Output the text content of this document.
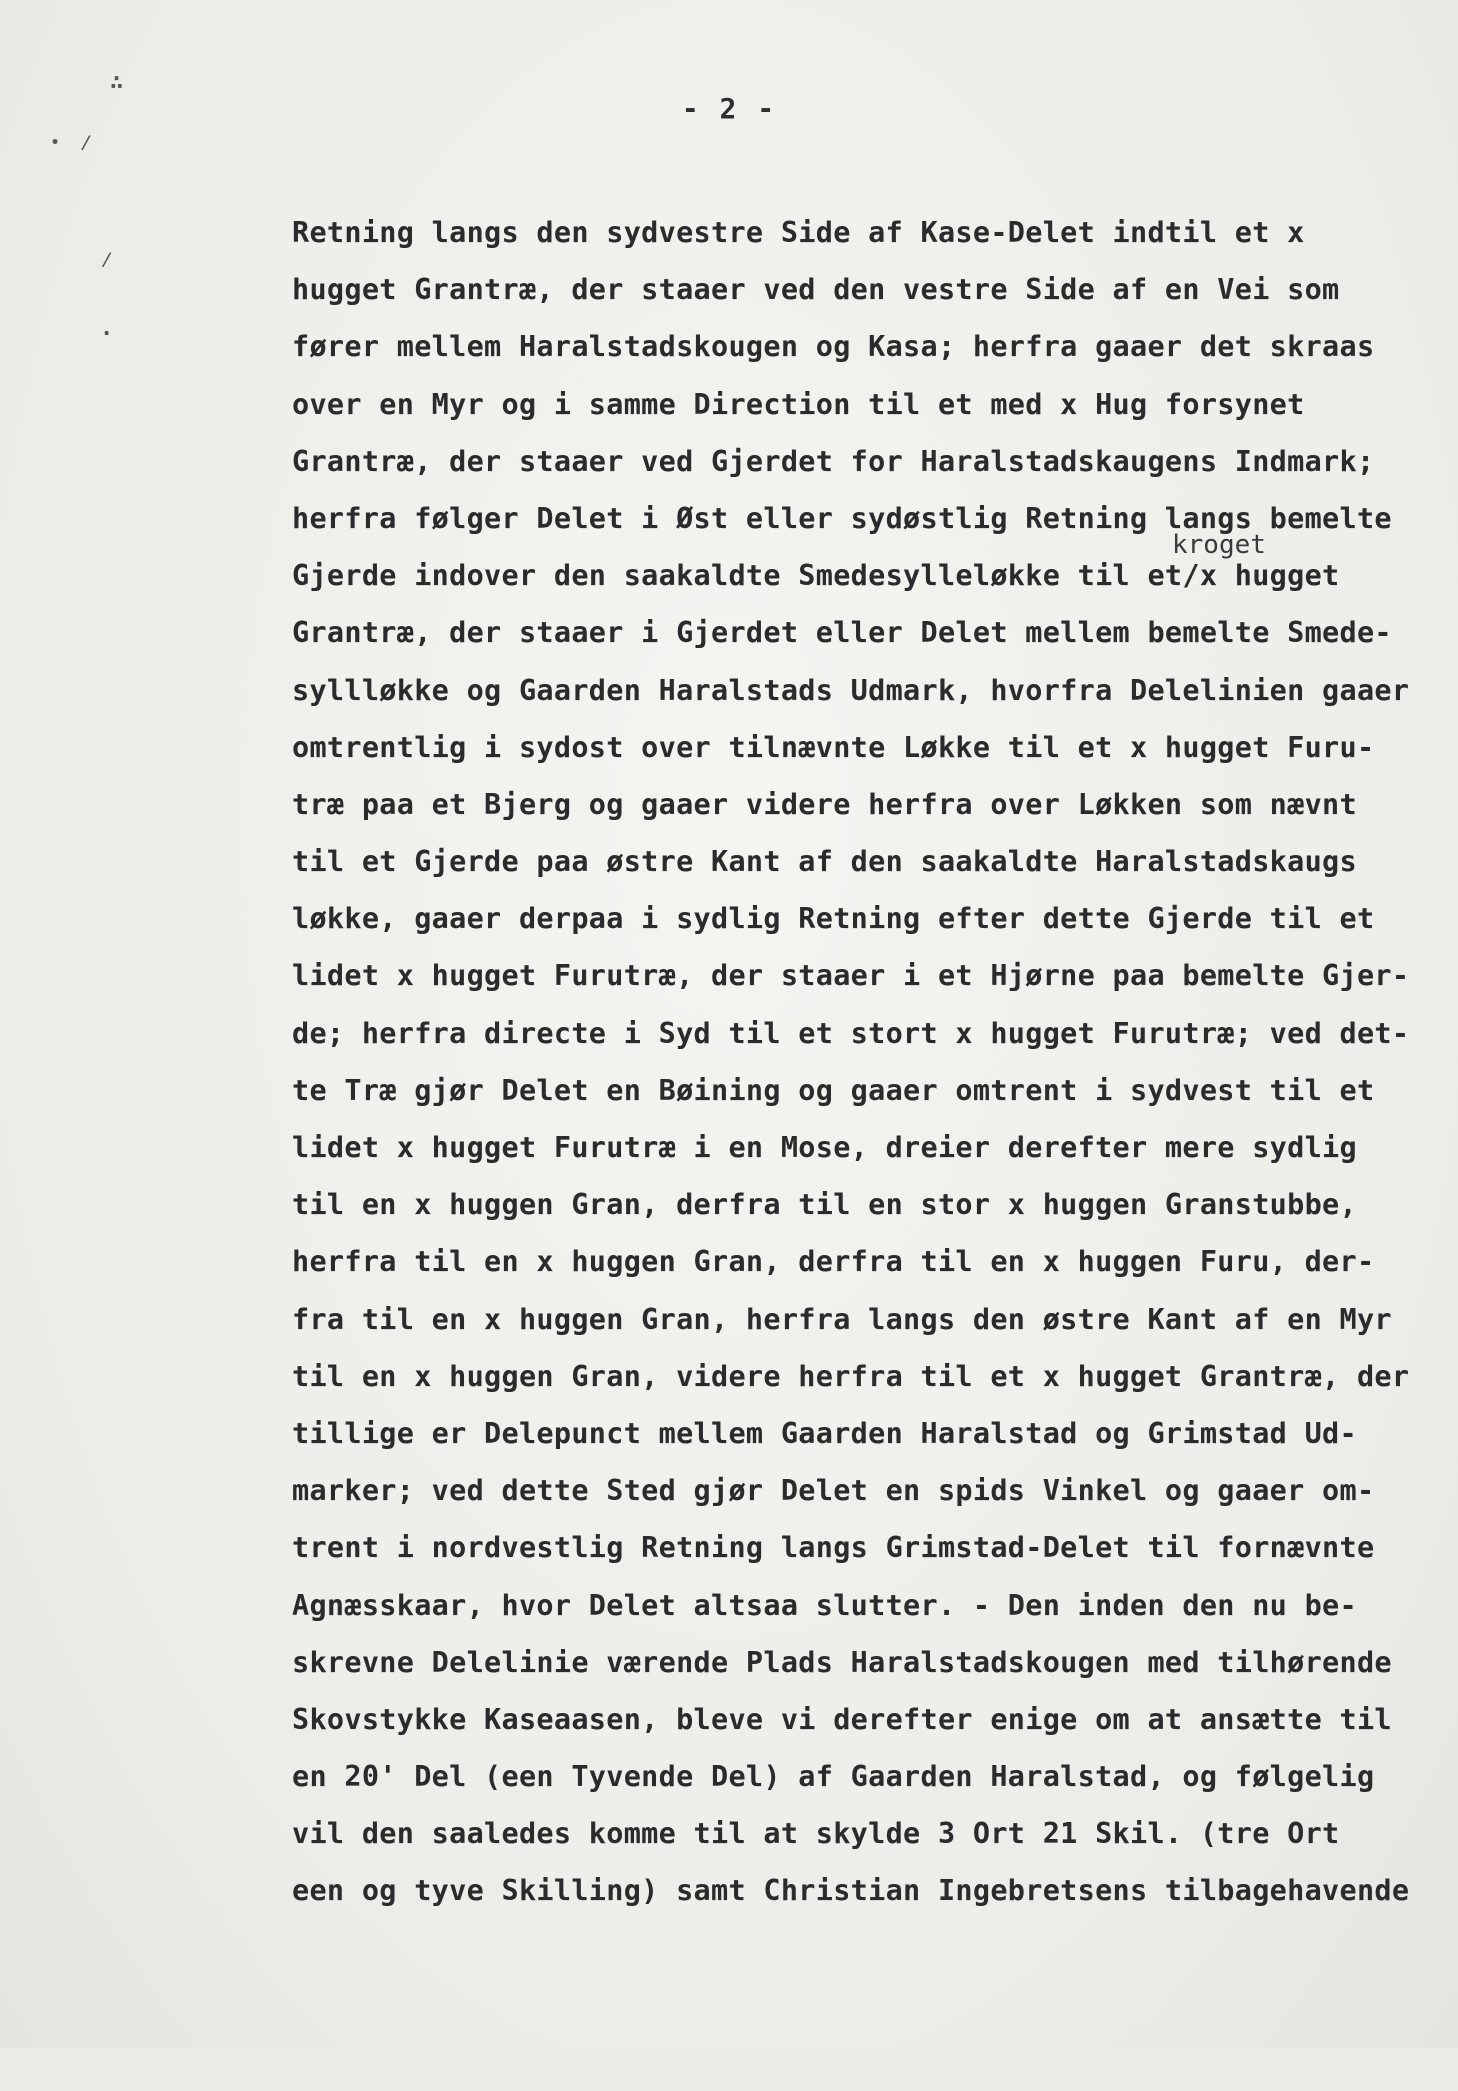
∴
・ ⁄
⁄
·
- 2 -
kroget
Retning langs den sydvestre Side af Kase-Delet indtil et x
hugget Grantræ, der staaer ved den vestre Side af en Vei som
fører mellem Haralstadskougen og Kasa; herfra gaaer det skraas
over en Myr og i samme Direction til et med x Hug forsynet
Grantræ, der staaer ved Gjerdet for Haralstadskaugens Indmark;
herfra følger Delet i Øst eller sydøstlig Retning langs bemelte
Gjerde indover den saakaldte Smedesyllеløkke til et/x hugget
Grantræ, der staaer i Gjerdet eller Delet mellem bemelte Smede-
syllløkke og Gaarden Haralstads Udmark, hvorfra Delelinien gaaer
omtrentlig i sydost over tilnævnte Løkke til et x hugget Furu-
træ paa et Bjerg og gaaer videre herfra over Løkken som nævnt
til et Gjerde paa østre Kant af den saakaldte Haralstadskaugs
løkke, gaaer derpaa i sydlig Retning efter dette Gjerde til et
lidet x hugget Furutræ, der staaer i et Hjørne paa bemelte Gjer-
de; herfra directe i Syd til et stort x hugget Furutræ; ved det-
te Træ gjør Delet en Bøining og gaaer omtrent i sydvest til et
lidet x hugget Furutræ i en Mose, dreier derefter mere sydlig
til en x huggen Gran, derfra til en stor x huggen Granstubbe,
herfra til en x huggen Gran, derfra til en x huggen Furu, der-
fra til en x huggen Gran, herfra langs den østre Kant af en Myr
til en x huggen Gran, videre herfra til et x hugget Grantræ, der
tillige er Delepunct mellem Gaarden Haralstad og Grimstad Ud-
marker; ved dette Sted gjør Delet en spids Vinkel og gaaer om-
trent i nordvestlig Retning langs Grimstad-Delet til fornævnte
Agnæsskaar, hvor Delet altsaa slutter. - Den inden den nu be-
skrevne Delelinie værende Plads Haralstadskougen med tilhørende
Skovstykke Kaseaasen, bleve vi derefter enige om at ansætte til
en 20' Del (een Tyvende Del) af Gaarden Haralstad, og følgelig
vil den saaledes komme til at skylde 3 Ort 21 Skil. (tre Ort
een og tyve Skilling) samt Christian Ingebretsens tilbagehavende
